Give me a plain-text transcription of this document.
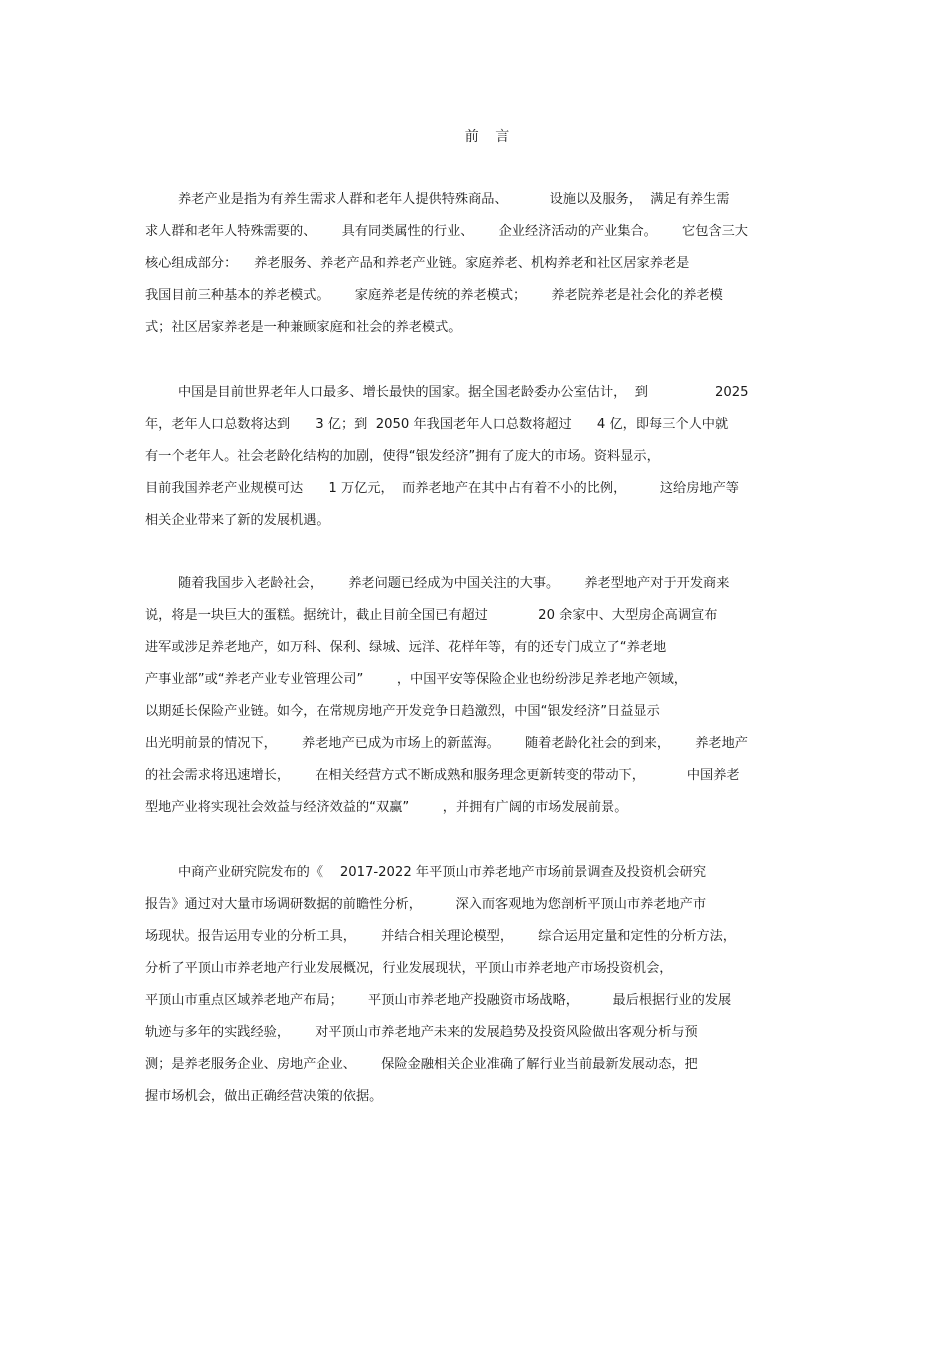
前 言
养老产业是指为有养生需求人群和老年人提供特殊商品、          设施以及服务，  满足有养生需
求人群和老年人特殊需要的、      具有同类属性的行业、      企业经济活动的产业集合。      它包含三大
核心组成部分：    养老服务、养老产品和养老产业链。家庭养老、机构养老和社区居家养老是
我国目前三种基本的养老模式。      家庭养老是传统的养老模式；      养老院养老是社会化的养老模
式；社区居家养老是一种兼顾家庭和社会的养老模式。
中国是目前世界老年人口最多、增长最快的国家。据全国老龄委办公室估计，  到                2025
年，老年人口总数将达到      3 亿；到  2050 年我国老年人口总数将超过      4 亿，即每三个人中就
有一个老年人。社会老龄化结构的加剧，使得“银发经济”拥有了庞大的市场。资料显示，
目前我国养老产业规模可达      1 万亿元，  而养老地产在其中占有着不小的比例，        这给房地产等
相关企业带来了新的发展机遇。
随着我国步入老龄社会，      养老问题已经成为中国关注的大事。      养老型地产对于开发商来
说，将是一块巨大的蛋糕。据统计，截止目前全国已有超过            20 余家中、大型房企高调宣布
进军或涉足养老地产，如万科、保利、绿城、远洋、花样年等，有的还专门成立了“养老地
产事业部”或“养老产业专业管理公司”        ，中国平安等保险企业也纷纷涉足养老地产领域，
以期延长保险产业链。如今，在常规房地产开发竞争日趋激烈，中国“银发经济”日益显示
出光明前景的情况下，      养老地产已成为市场上的新蓝海。      随着老龄化社会的到来，      养老地产
的社会需求将迅速增长，      在相关经营方式不断成熟和服务理念更新转变的带动下，          中国养老
型地产业将实现社会效益与经济效益的“双赢”        ，并拥有广阔的市场发展前景。
中商产业研究院发布的《    2017-2022 年平顶山市养老地产市场前景调查及投资机会研究
报告》通过对大量市场调研数据的前瞻性分析，        深入而客观地为您剖析平顶山市养老地产市
场现状。报告运用专业的分析工具，      并结合相关理论模型，      综合运用定量和定性的分析方法，
分析了平顶山市养老地产行业发展概况，行业发展现状，平顶山市养老地产市场投资机会，
平顶山市重点区域养老地产布局；      平顶山市养老地产投融资市场战略，        最后根据行业的发展
轨迹与多年的实践经验，      对平顶山市养老地产未来的发展趋势及投资风险做出客观分析与预
测；是养老服务企业、房地产企业、      保险金融相关企业准确了解行业当前最新发展动态，把
握市场机会，做出正确经营决策的依据。
